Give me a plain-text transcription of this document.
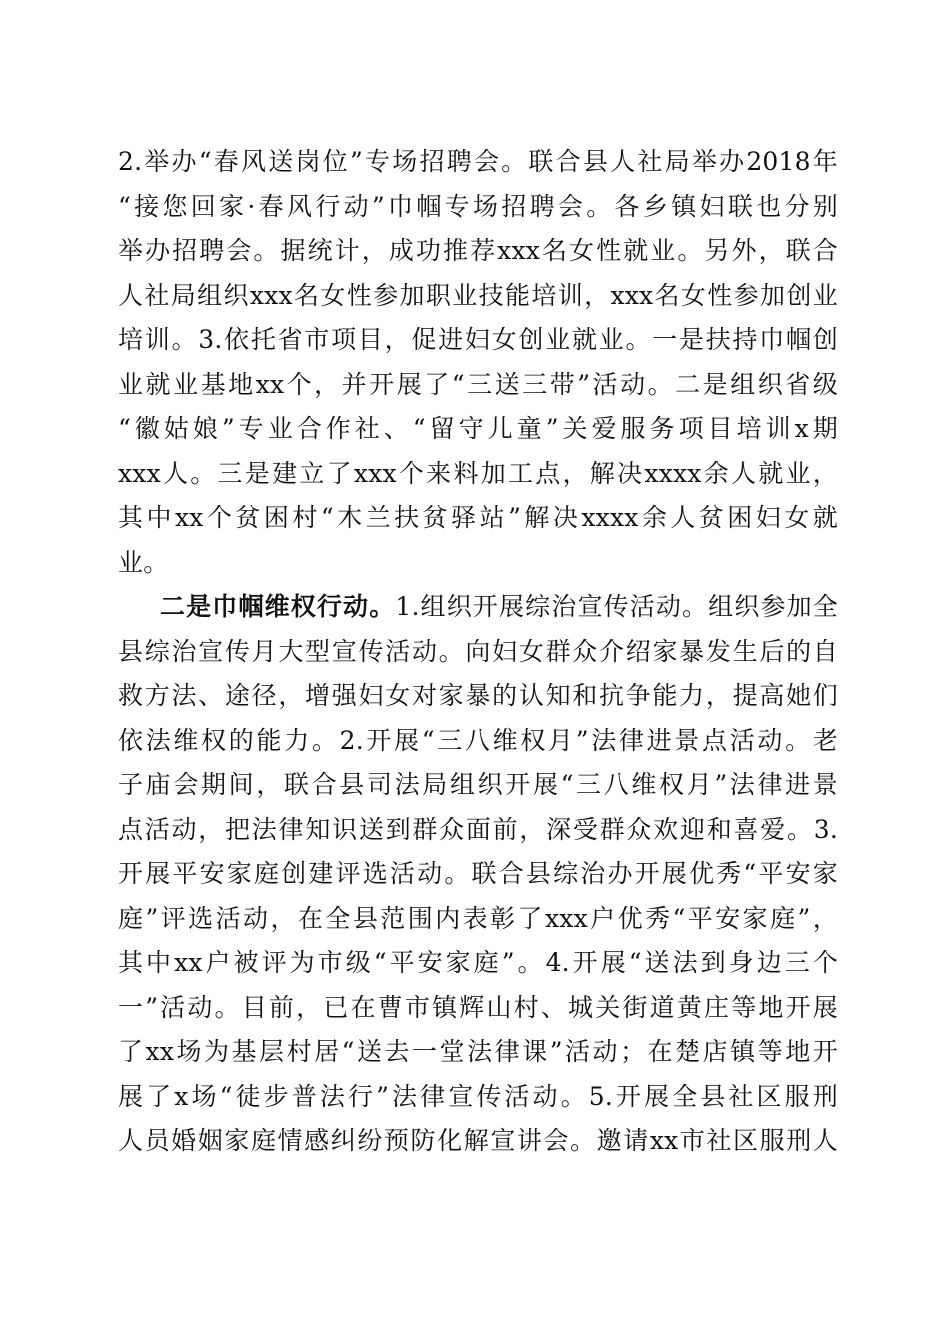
2.举办“春风送岗位”专场招聘会。联合县人社局举办2018年
“接您回家·春风行动”巾帼专场招聘会。各乡镇妇联也分别
举办招聘会。据统计，成功推荐xxx名女性就业。另外，联合
人社局组织xxx名女性参加职业技能培训，xxx名女性参加创业
培训。3.依托省市项目，促进妇女创业就业。一是扶持巾帼创
业就业基地xx个，并开展了“三送三带”活动。二是组织省级
“徽姑娘”专业合作社、“留守儿童”关爱服务项目培训x期
xxx人。三是建立了xxx个来料加工点，解决xxxx余人就业，
其中xx个贫困村“木兰扶贫驿站”解决xxxx余人贫困妇女就
业。
二是巾帼维权行动。1.组织开展综治宣传活动。组织参加全
县综治宣传月大型宣传活动。向妇女群众介绍家暴发生后的自
救方法、途径，增强妇女对家暴的认知和抗争能力，提高她们
依法维权的能力。2.开展“三八维权月”法律进景点活动。老
子庙会期间，联合县司法局组织开展“三八维权月”法律进景
点活动，把法律知识送到群众面前，深受群众欢迎和喜爱。3.
开展平安家庭创建评选活动。联合县综治办开展优秀“平安家
庭”评选活动，在全县范围内表彰了xxx户优秀“平安家庭”，
其中xx户被评为市级“平安家庭”。4.开展“送法到身边三个
一”活动。目前，已在曹市镇辉山村、城关街道黄庄等地开展
了xx场为基层村居“送去一堂法律课”活动；在楚店镇等地开
展了x场“徒步普法行”法律宣传活动。5.开展全县社区服刑
人员婚姻家庭情感纠纷预防化解宣讲会。邀请xx市社区服刑人
